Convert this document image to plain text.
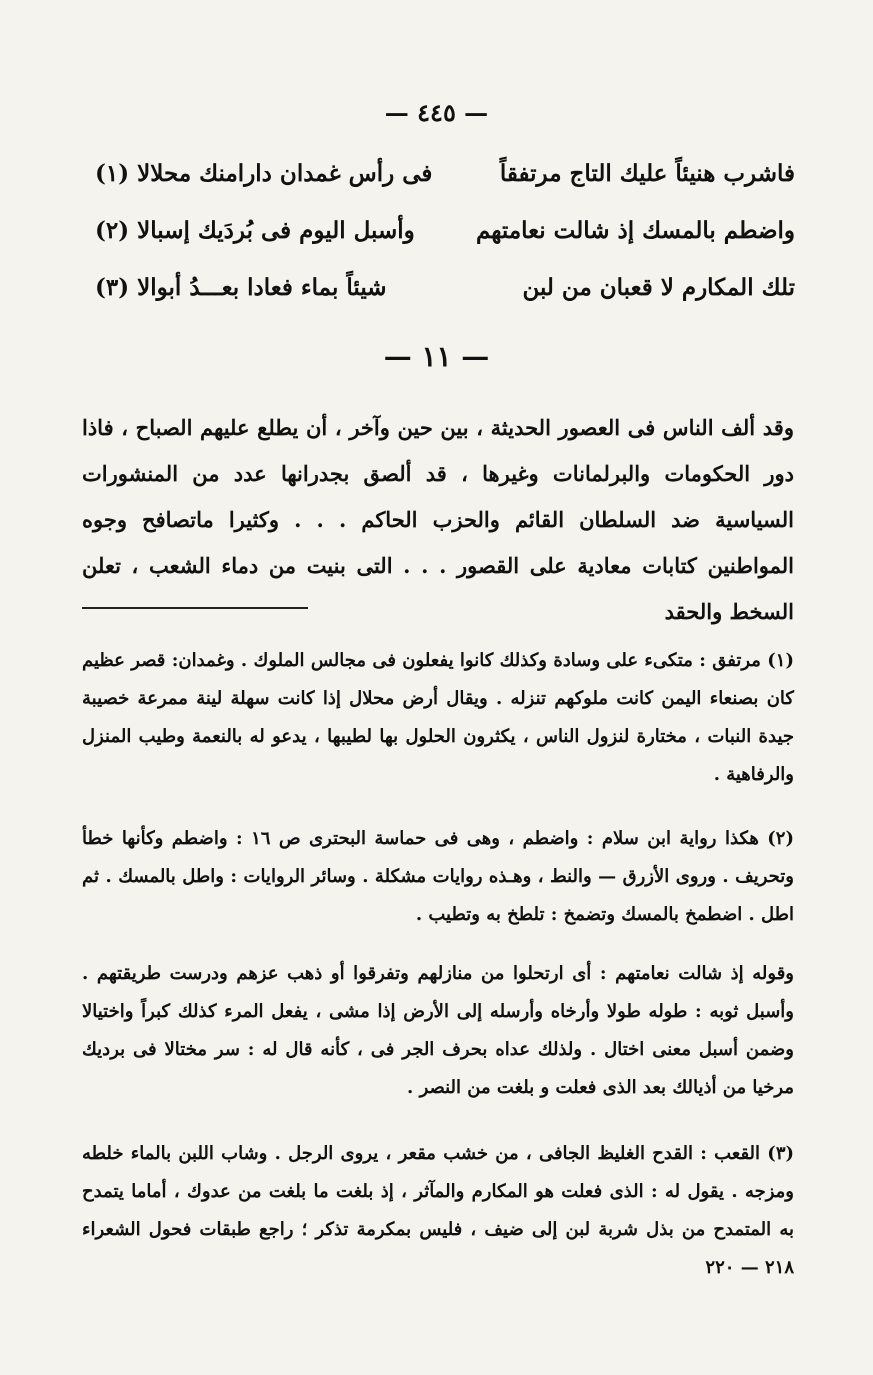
— ٤٤٥ —
فاشرب هنيئاً عليك التاج مرتفقاً
فى رأس غمدان دارامنك محلالا (١)
واضطم بالمسك إذ شالت نعامتهم
وأسبل اليوم فى بُردَيك إسبالا (٢)
تلك المكارم لا قعبان من لبن
شيئاً بماء فعادا بعـــدُ أبوالا (٣)
— ١١ —
وقد ألف الناس فى العصور الحديثة ، بين حين وآخر ، أن يطلع عليهم الصباح ، فاذا دور الحكومات والبرلمانات وغيرها ، قد ألصق بجدرانها عدد من المنشورات السياسية ضد السلطان القائم والحزب الحاكم . . . وكثيرا ماتصافح وجوه المواطنين كتابات معادية على القصور . . . التى بنيت من دماء الشعب ، تعلن السخط والحقد
(١) مرتفق : متكىء على وسادة وكذلك كانوا يفعلون فى مجالس الملوك . وغمدان: قصر عظيم كان بصنعاء اليمن كانت ملوكهم تنزله . ويقال أرض محلال إذا كانت سهلة لينة ممرعة خصيبة جيدة النبات ، مختارة لنزول الناس ، يكثرون الحلول بها لطيبها ، يدعو له بالنعمة وطيب المنزل والرفاهية .
(٢) هكذا رواية ابن سلام : واضطم ، وهى فى حماسة البحترى ص ١٦ : واضطم وكأنها خطأ وتحريف . وروى الأزرق — والنط ، وهـذه روايات مشكلة . وسائر الروايات : واطل بالمسك . ثم اطل . اضطمخ بالمسك وتضمخ : تلطخ به وتطيب .
وقوله إذ شالت نعامتهم : أى ارتحلوا من منازلهم وتفرقوا أو ذهب عزهم ودرست طريقتهم . وأسبل ثوبه : طوله طولا وأرخاه وأرسله إلى الأرض إذا مشى ، يفعل المرء كذلك كبراً واختيالا وضمن أسبل معنى اختال . ولذلك عداه بحرف الجر فى ، كأنه قال له : سر مختالا فى برديك مرخيا من أذيالك بعد الذى فعلت و بلغت من النصر .
(٣) القعب : القدح الغليظ الجافى ، من خشب مقعر ، يروى الرجل . وشاب اللبن بالماء خلطه ومزجه . يقول له : الذى فعلت هو المكارم والمآثر ، إذ بلغت ما بلغت من عدوك ، أماما يتمدح به المتمدح من بذل شربة لبن إلى ضيف ، فليس بمكرمة تذكر ؛ راجع طبقات فحول الشعراء ٢١٨ — ٢٢٠
